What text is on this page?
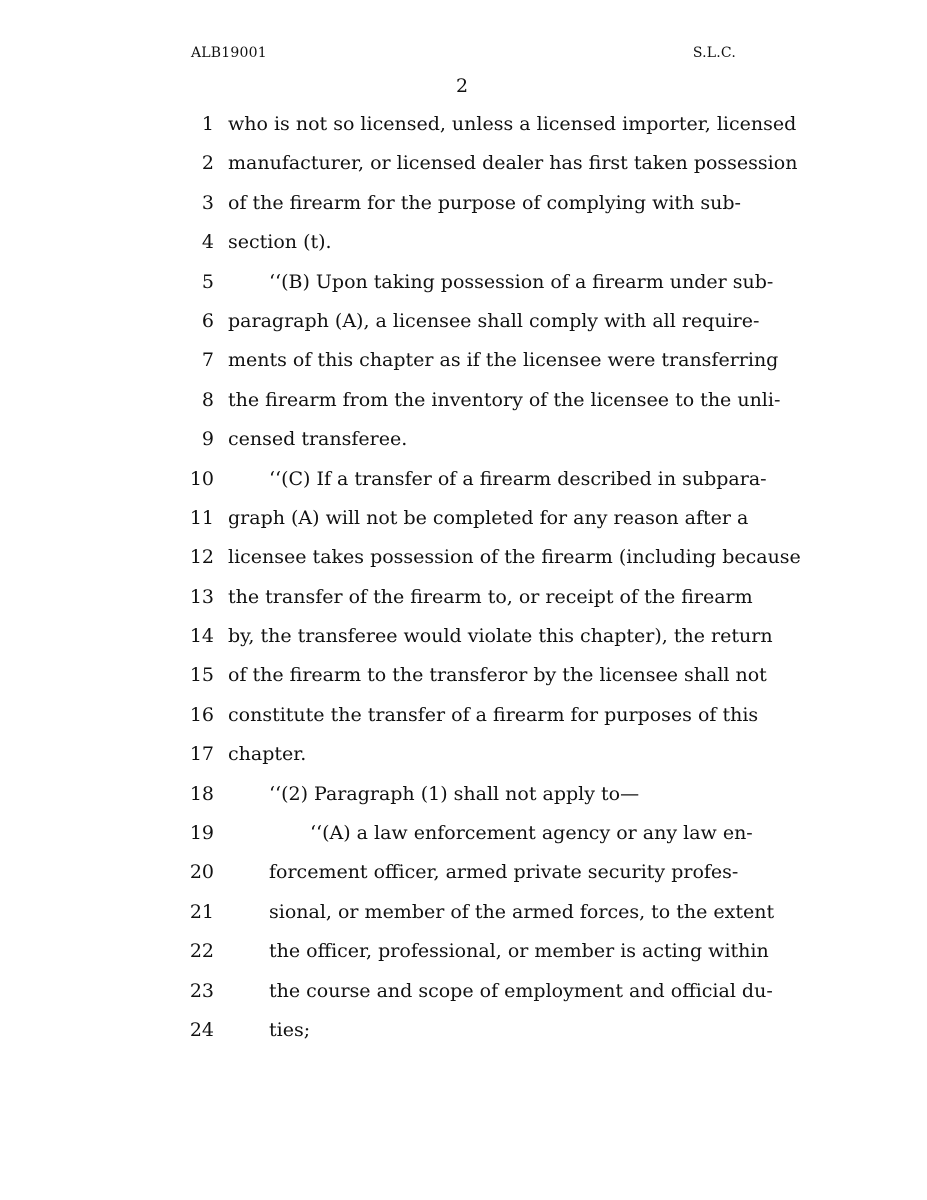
ALB19001	S.L.C.
2
1 who is not so licensed, unless a licensed importer, licensed
2 manufacturer, or licensed dealer has first taken possession
3 of the firearm for the purpose of complying with sub-
4 section (t).
5	‘‘(B) Upon taking possession of a firearm under sub-
6 paragraph (A), a licensee shall comply with all require-
7 ments of this chapter as if the licensee were transferring
8 the firearm from the inventory of the licensee to the unli-
9 censed transferee.
10	‘‘(C) If a transfer of a firearm described in subpara-
11 graph (A) will not be completed for any reason after a
12 licensee takes possession of the firearm (including because
13 the transfer of the firearm to, or receipt of the firearm
14 by, the transferee would violate this chapter), the return
15 of the firearm to the transferor by the licensee shall not
16 constitute the transfer of a firearm for purposes of this
17 chapter.
18	‘‘(2) Paragraph (1) shall not apply to—
19	‘‘(A) a law enforcement agency or any law en-
20	forcement officer, armed private security profes-
21	sional, or member of the armed forces, to the extent
22	the officer, professional, or member is acting within
23	the course and scope of employment and official du-
24	ties;
